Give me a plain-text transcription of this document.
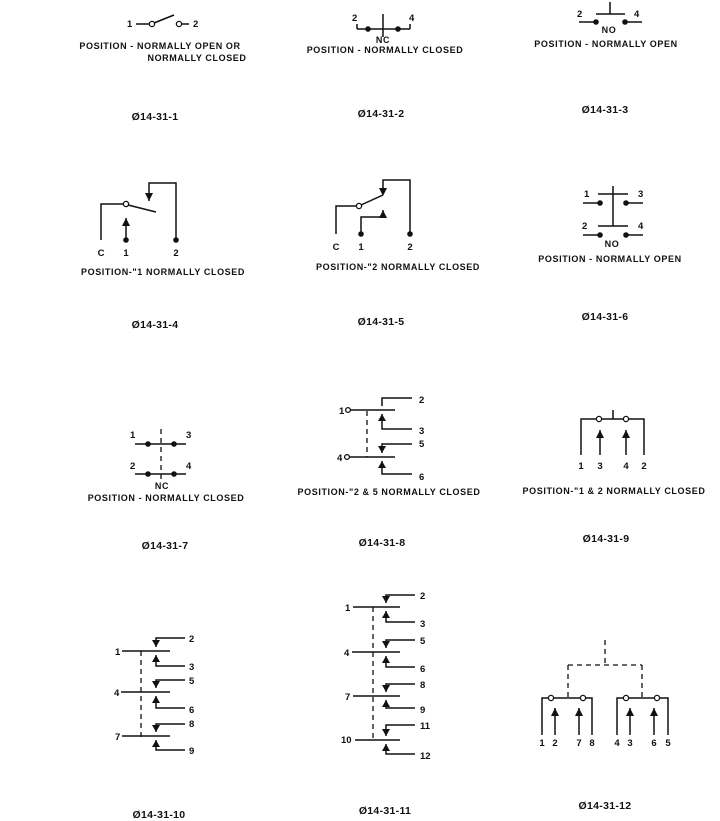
1	2
POSITION - NORMALLY OPEN OR
NORMALLY CLOSED
Ø14-31-1
2	4
NC
POSITION - NORMALLY CLOSED
Ø14-31-2
2	4
NO
POSITION - NORMALLY OPEN
Ø14-31-3
C 1	2
POSITION-"1 NORMALLY CLOSED
Ø14-31-4
C 1	2
POSITION-"2 NORMALLY CLOSED
Ø14-31-5
1	3
2	4
NO
POSITION - NORMALLY OPEN
Ø14-31-6
1	3
2	4
NC
POSITION - NORMALLY CLOSED
Ø14-31-7
1
2
3
4
5
6
POSITION-"2 & 5 NORMALLY CLOSED
Ø14-31-8
1 3 4 2
POSITION-"1 & 2 NORMALLY CLOSED
Ø14-31-9
1
2
3
4
5
6
7
8
9
Ø14-31-10
1
2
3
4
5
6
7
8
9
10
11
12
Ø14-31-11
1 2 7 8 4 3 6 5
Ø14-31-12
